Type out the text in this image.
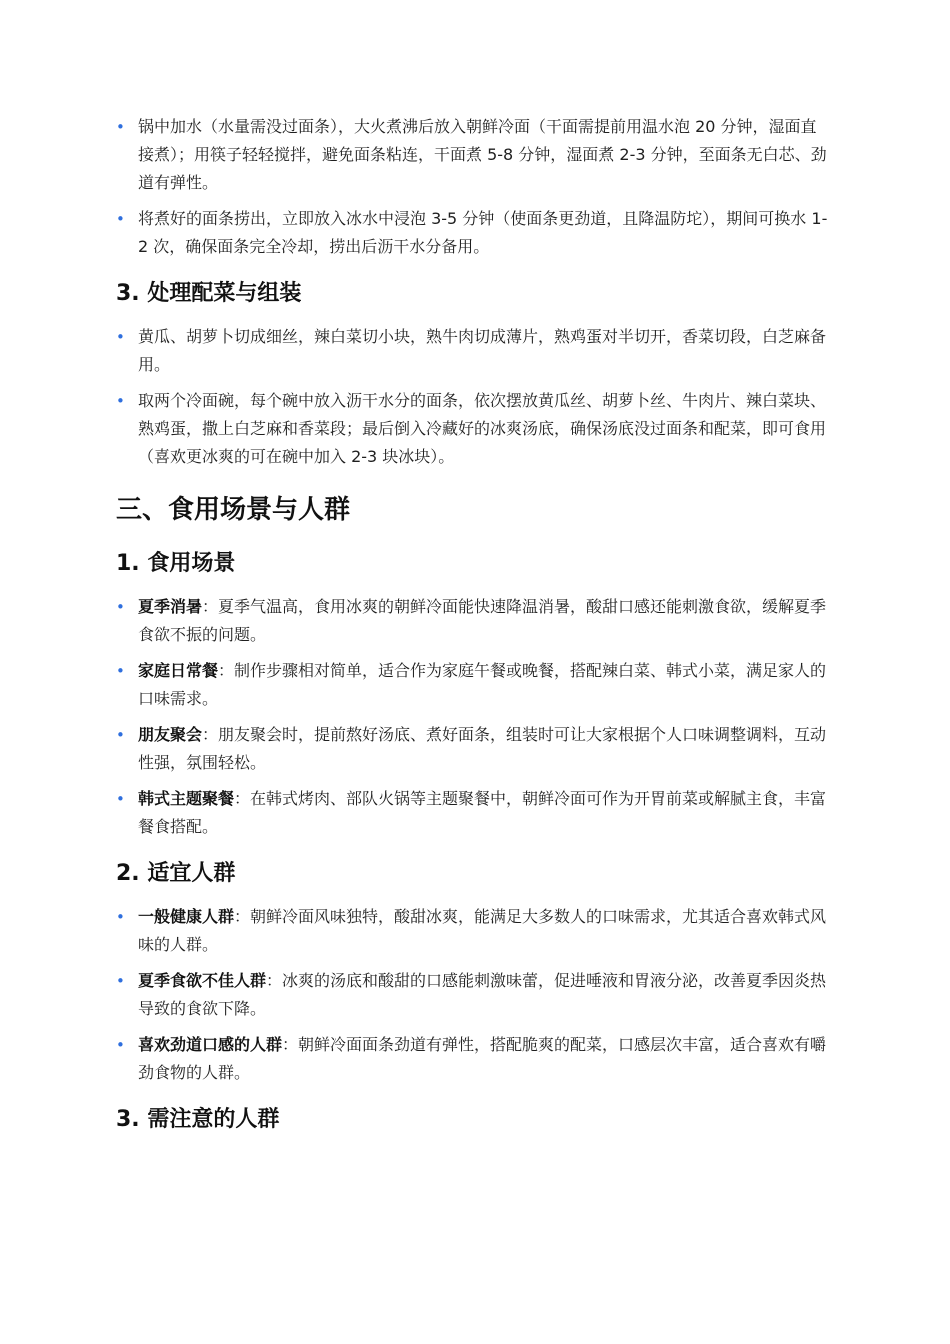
• 锅中加水（水量需没过面条），大火煮沸后放入朝鲜冷面（干面需提前用温水泡 20 分钟，湿面直接煮）；用筷子轻轻搅拌，避免面条粘连，干面煮 5-8 分钟，湿面煮 2-3 分钟，至面条无白芯、劲道有弹性。
• 将煮好的面条捞出，立即放入冰水中浸泡 3-5 分钟（使面条更劲道，且降温防坨），期间可换水 1-2 次，确保面条完全冷却，捞出后沥干水分备用。
3. 处理配菜与组装
• 黄瓜、胡萝卜切成细丝，辣白菜切小块，熟牛肉切成薄片，熟鸡蛋对半切开，香菜切段，白芝麻备用。
• 取两个冷面碗，每个碗中放入沥干水分的面条，依次摆放黄瓜丝、胡萝卜丝、牛肉片、辣白菜块、熟鸡蛋，撒上白芝麻和香菜段；最后倒入冷藏好的冰爽汤底，确保汤底没过面条和配菜，即可食用（喜欢更冰爽的可在碗中加入 2-3 块冰块）。
三、食用场景与人群
1. 食用场景
• 夏季消暑：夏季气温高，食用冰爽的朝鲜冷面能快速降温消暑，酸甜口感还能刺激食欲，缓解夏季食欲不振的问题。
• 家庭日常餐：制作步骤相对简单，适合作为家庭午餐或晚餐，搭配辣白菜、韩式小菜，满足家人的口味需求。
• 朋友聚会：朋友聚会时，提前熬好汤底、煮好面条，组装时可让大家根据个人口味调整调料，互动性强，氛围轻松。
• 韩式主题聚餐：在韩式烤肉、部队火锅等主题聚餐中，朝鲜冷面可作为开胃前菜或解腻主食，丰富餐食搭配。
2. 适宜人群
• 一般健康人群：朝鲜冷面风味独特，酸甜冰爽，能满足大多数人的口味需求，尤其适合喜欢韩式风味的人群。
• 夏季食欲不佳人群：冰爽的汤底和酸甜的口感能刺激味蕾，促进唾液和胃液分泌，改善夏季因炎热导致的食欲下降。
• 喜欢劲道口感的人群：朝鲜冷面面条劲道有弹性，搭配脆爽的配菜，口感层次丰富，适合喜欢有嚼劲食物的人群。
3. 需注意的人群
